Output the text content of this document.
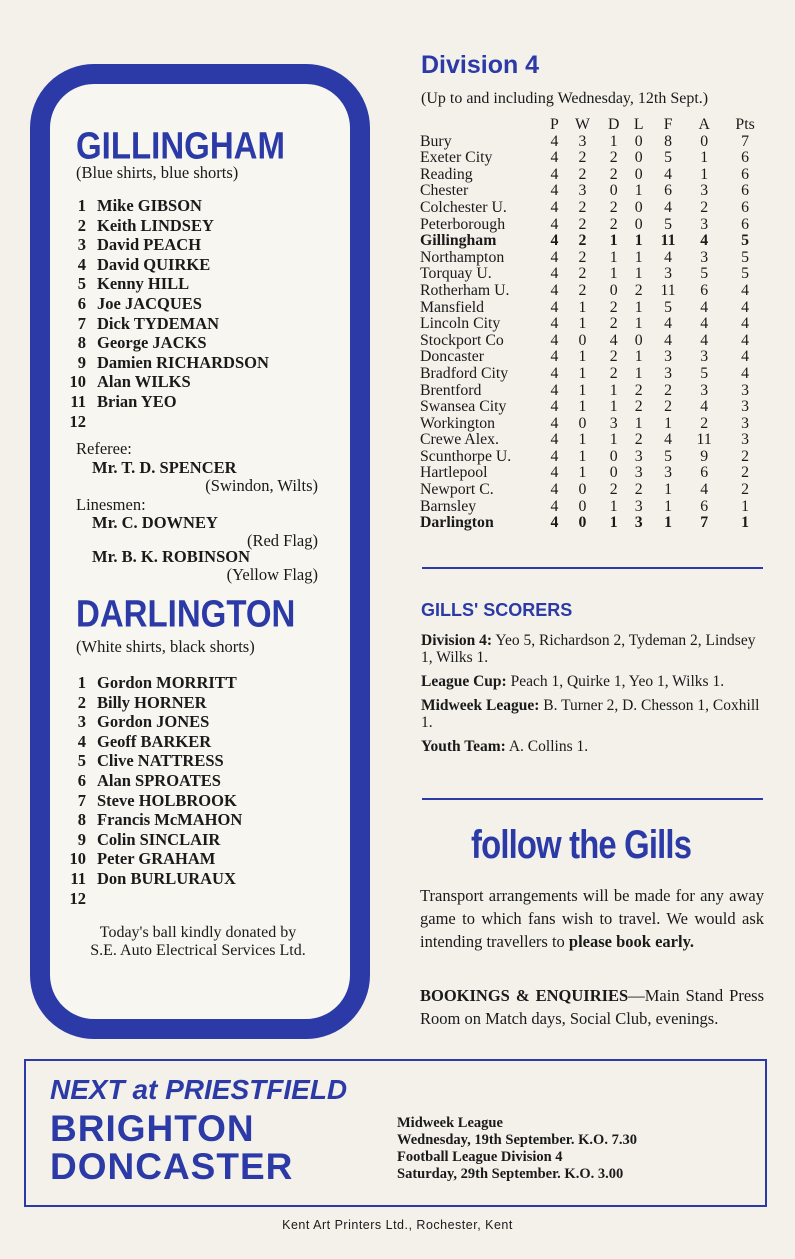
GILLINGHAM
(Blue shirts, blue shorts)
1 Mike GIBSON
2 Keith LINDSEY
3 David PEACH
4 David QUIRKE
5 Kenny HILL
6 Joe JACQUES
7 Dick TYDEMAN
8 George JACKS
9 Damien RICHARDSON
10 Alan WILKS
11 Brian YEO
12
Referee:
Mr. T. D. SPENCER
(Swindon, Wilts)
Linesmen:
Mr. C. DOWNEY
(Red Flag)
Mr. B. K. ROBINSON
(Yellow Flag)
DARLINGTON
(White shirts, black shorts)
1 Gordon MORRITT
2 Billy HORNER
3 Gordon JONES
4 Geoff BARKER
5 Clive NATTRESS
6 Alan SPROATES
7 Steve HOLBROOK
8 Francis McMAHON
9 Colin SINCLAIR
10 Peter GRAHAM
11 Don BURLURAUX
12
Today's ball kindly donated by
S.E. Auto Electrical Services Ltd.
Division 4
(Up to and including Wednesday, 12th Sept.)
	P	W	D	L	F	A	Pts
Bury	4	3	1	0	8	0	7
Exeter City	4	2	2	0	5	1	6
Reading	4	2	2	0	4	1	6
Chester	4	3	0	1	6	3	6
Colchester U.	4	2	2	0	4	2	6
Peterborough	4	2	2	0	5	3	6
Gillingham	4	2	1	1	11	4	5
Northampton	4	2	1	1	4	3	5
Torquay U.	4	2	1	1	3	5	5
Rotherham U.	4	2	0	2	11	6	4
Mansfield	4	1	2	1	5	4	4
Lincoln City	4	1	2	1	4	4	4
Stockport Co	4	0	4	0	4	4	4
Doncaster	4	1	2	1	3	3	4
Bradford City	4	1	2	1	3	5	4
Brentford	4	1	1	2	2	3	3
Swansea City	4	1	1	2	2	4	3
Workington	4	0	3	1	1	2	3
Crewe Alex.	4	1	1	2	4	11	3
Scunthorpe U.	4	1	0	3	5	9	2
Hartlepool	4	1	0	3	3	6	2
Newport C.	4	0	2	2	1	4	2
Barnsley	4	0	1	3	1	6	1
Darlington	4	0	1	3	1	7	1
GILLS' SCORERS
Division 4: Yeo 5, Richardson 2, Tydeman 2, Lindsey 1, Wilks 1.
League Cup: Peach 1, Quirke 1, Yeo 1, Wilks 1.
Midweek League: B. Turner 2, D. Chesson 1, Coxhill 1.
Youth Team: A. Collins 1.
follow the Gills
Transport arrangements will be made for any away game to which fans wish to travel. We would ask intending travellers to please book early.
BOOKINGS & ENQUIRIES—Main Stand Press Room on Match days, Social Club, evenings.
NEXT at PRIESTFIELD
BRIGHTON
DONCASTER
Midweek League
Wednesday, 19th September. K.O. 7.30
Football League Division 4
Saturday, 29th September. K.O. 3.00
Kent Art Printers Ltd., Rochester, Kent
